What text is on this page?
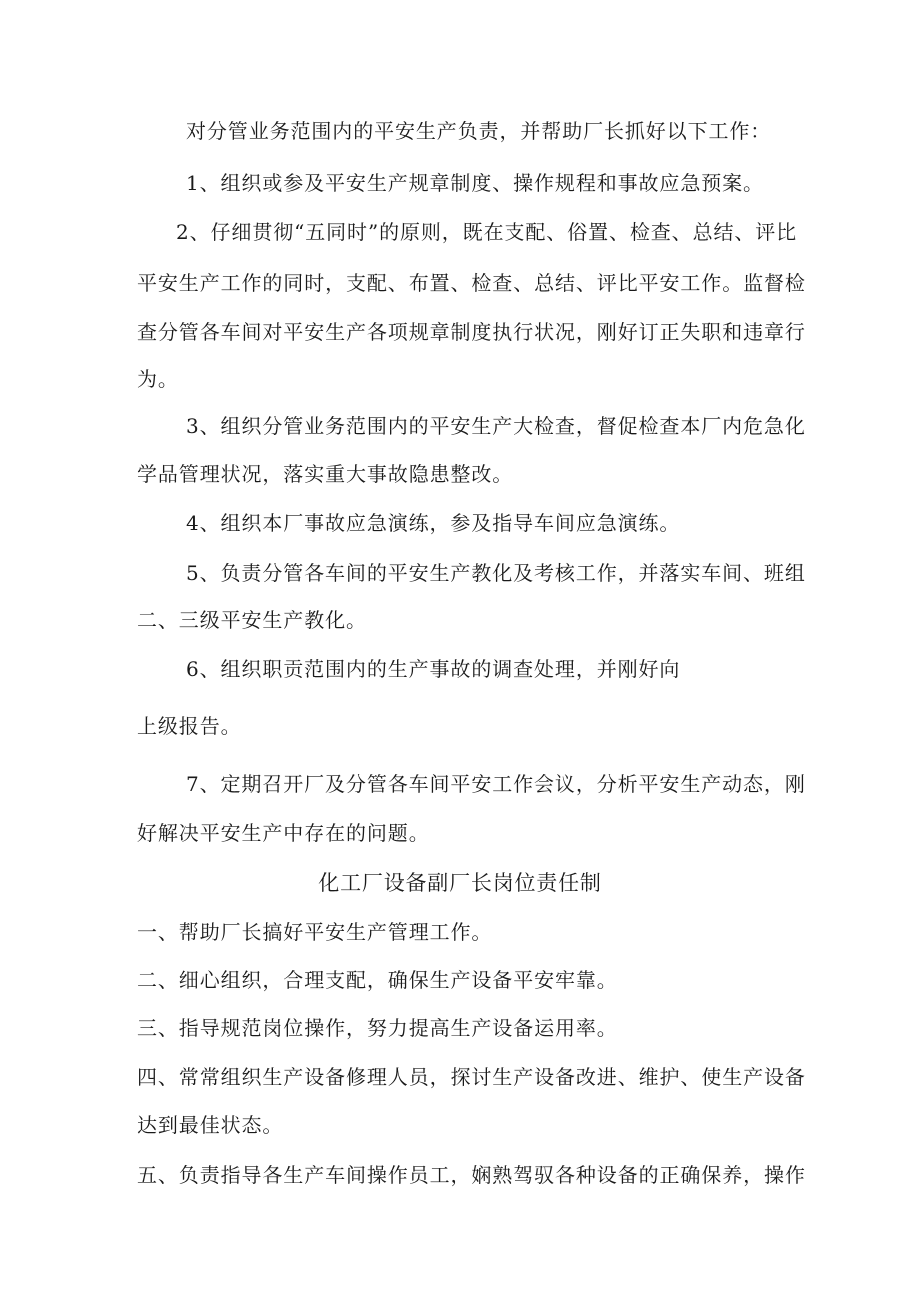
对分管业务范围内的平安生产负责，并帮助厂长抓好以下工作：
1、组织或参及平安生产规章制度、操作规程和事故应急预案。
2、仔细贯彻“五同时”的原则，既在支配、俗置、检查、总结、评比
平安生产工作的同时，支配、布置、检查、总结、评比平安工作。监督检
查分管各车间对平安生产各项规章制度执行状况，刚好订正失职和违章行
为。
3、组织分管业务范围内的平安生产大检查，督促检查本厂内危急化
学品管理状况，落实重大事故隐患整改。
4、组织本厂事故应急演练，参及指导车间应急演练。
5、负责分管各车间的平安生产教化及考核工作，并落实车间、班组
二、三级平安生产教化。
6、组织职贡范围内的生产事故的调查处理，并刚好向
上级报告。
7、定期召开厂及分管各车间平安工作会议，分析平安生产动态，刚
好解决平安生产中存在的问题。
化工厂设备副厂长岗位责任制
一、帮助厂长搞好平安生产管理工作。
二、细心组织，合理支配，确保生产设备平安牢靠。
三、指导规范岗位操作，努力提高生产设备运用率。
四、常常组织生产设备修理人员，探讨生产设备改进、维护、使生产设备
达到最佳状态。
五、负责指导各生产车间操作员工，娴熟驾驭各种设备的正确保养，操作
